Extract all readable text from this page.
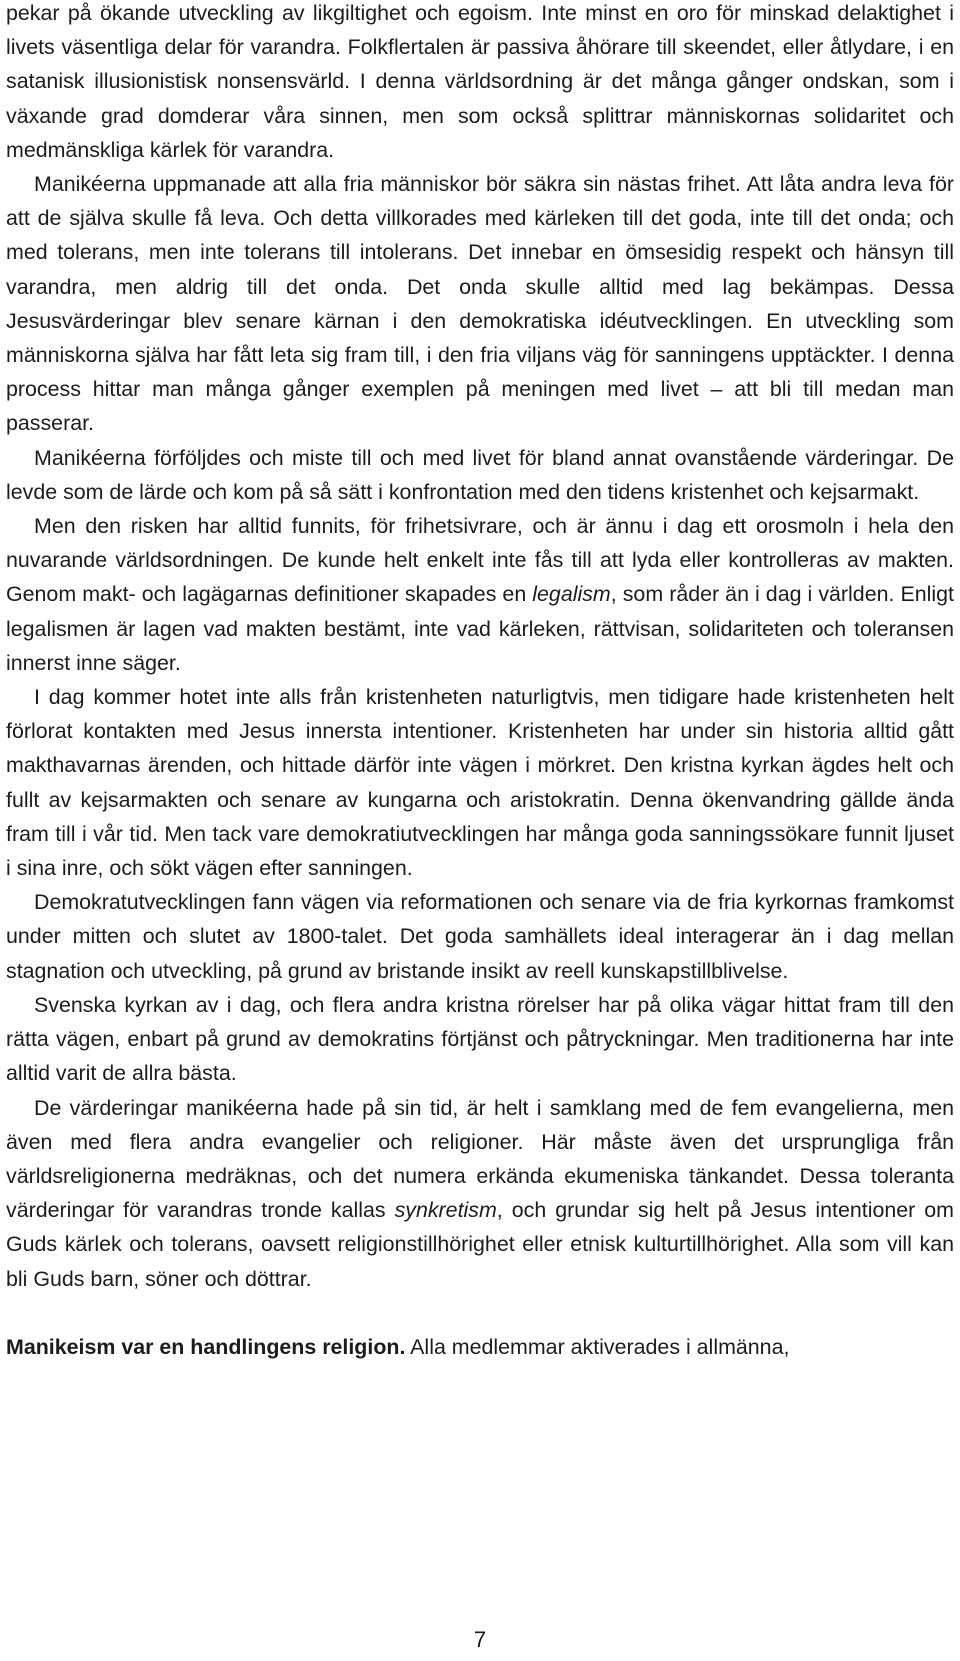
pekar på ökande utveckling av likgiltighet och egoism. Inte minst en oro för minskad delaktighet i livets väsentliga delar för varandra. Folkflertalen är passiva åhörare till skeendet, eller åtlydare, i en satanisk illusionistisk nonsensvärld. I denna världsordning är det många gånger ondskan, som i växande grad domderar våra sinnen, men som också splittrar människornas solidaritet och medmänskliga kärlek för varandra.

Manikéerna uppmanade att alla fria människor bör säkra sin nästas frihet. Att låta andra leva för att de själva skulle få leva. Och detta villkorades med kärleken till det goda, inte till det onda; och med tolerans, men inte tolerans till intolerans. Det innebar en ömsesidig respekt och hänsyn till varandra, men aldrig till det onda. Det onda skulle alltid med lag bekämpas. Dessa Jesusvärderingar blev senare kärnan i den demokratiska idéutvecklingen. En utveckling som människorna själva har fått leta sig fram till, i den fria viljans väg för sanningens upptäckter. I denna process hittar man många gånger exemplen på meningen med livet – att bli till medan man passerar.

Manikéerna förföljdes och miste till och med livet för bland annat ovanstående värderingar. De levde som de lärde och kom på så sätt i konfrontation med den tidens kristenhet och kejsarmakt.

Men den risken har alltid funnits, för frihetsivrare, och är ännu i dag ett orosmoln i hela den nuvarande världsordningen. De kunde helt enkelt inte fås till att lyda eller kontrolleras av makten. Genom makt- och lagägarnas definitioner skapades en legalism, som råder än i dag i världen. Enligt legalismen är lagen vad makten bestämt, inte vad kärleken, rättvisan, solidariteten och toleransen innerst inne säger.

I dag kommer hotet inte alls från kristenheten naturligtvis, men tidigare hade kristenheten helt förlorat kontakten med Jesus innersta intentioner. Kristenheten har under sin historia alltid gått makthavarnas ärenden, och hittade därför inte vägen i mörkret. Den kristna kyrkan ägdes helt och fullt av kejsarmakten och senare av kungarna och aristokratin. Denna ökenvandring gällde ända fram till i vår tid. Men tack vare demokratiutvecklingen har många goda sanningssökare funnit ljuset i sina inre, och sökt vägen efter sanningen.

Demokratutvecklingen fann vägen via reformationen och senare via de fria kyrkornas framkomst under mitten och slutet av 1800-talet. Det goda samhällets ideal interagerar än i dag mellan stagnation och utveckling, på grund av bristande insikt av reell kunskapstillblivelse.

Svenska kyrkan av i dag, och flera andra kristna rörelser har på olika vägar hittat fram till den rätta vägen, enbart på grund av demokratins förtjänst och påtryckningar. Men traditionerna har inte alltid varit de allra bästa.

De värderingar manikéerna hade på sin tid, är helt i samklang med de fem evangelierna, men även med flera andra evangelier och religioner. Här måste även det ursprungliga från världsreligionerna medräknas, och det numera erkända ekumeniska tänkandet. Dessa toleranta värderingar för varandras tronde kallas synkretism, och grundar sig helt på Jesus intentioner om Guds kärlek och tolerans, oavsett religionstillhörighet eller etnisk kulturtillhörighet. Alla som vill kan bli Guds barn, söner och döttrar.

Manikeism var en handlingens religion. Alla medlemmar aktiverades i allmänna,

7
